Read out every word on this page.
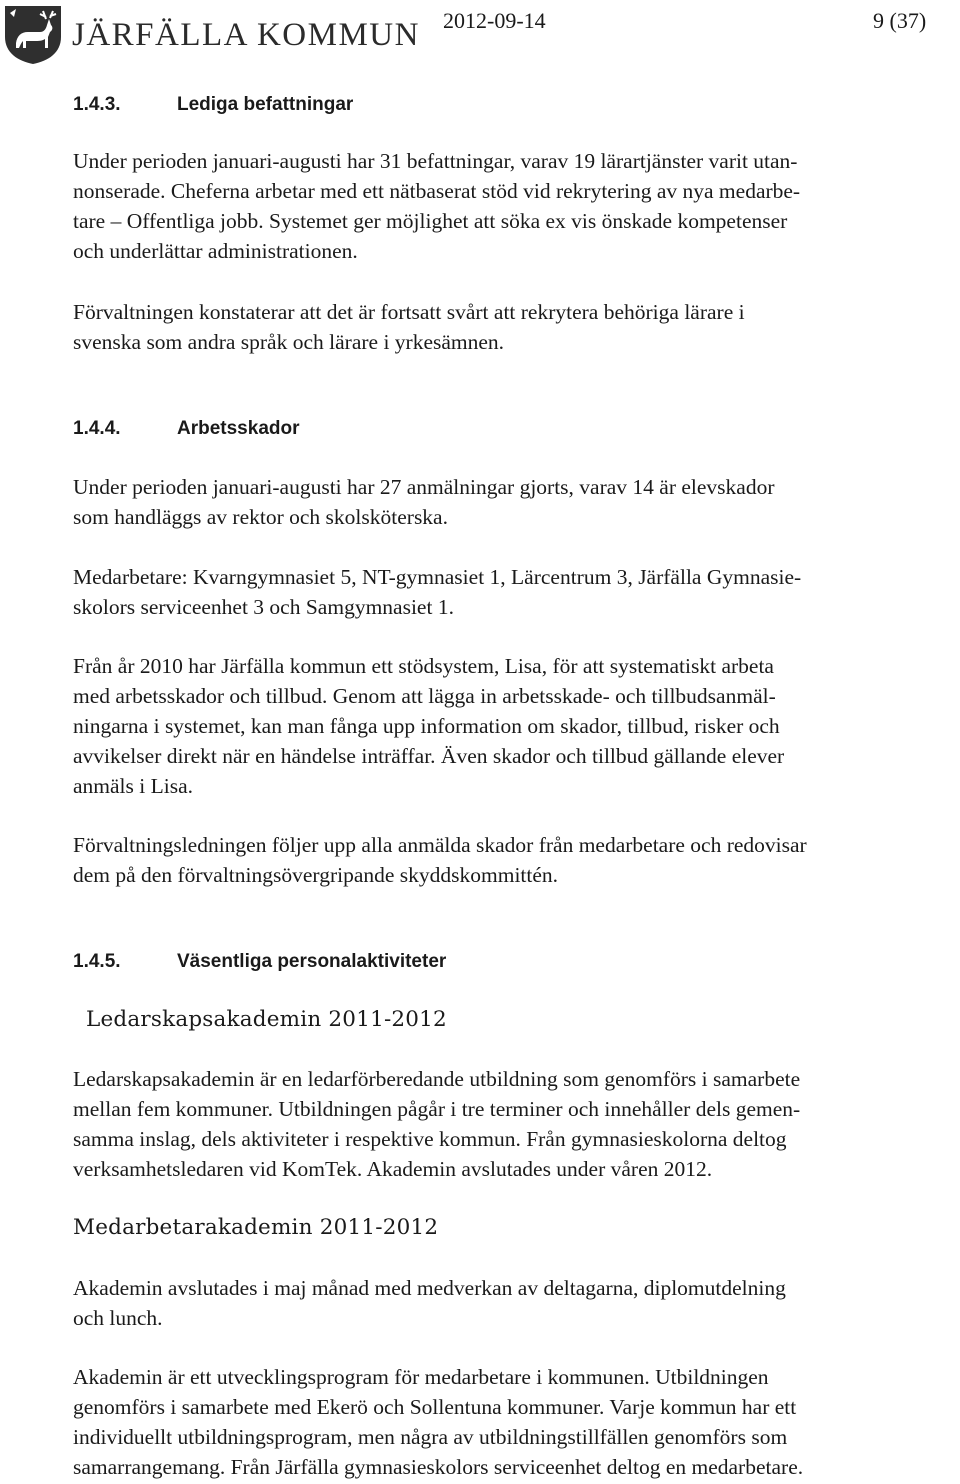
JÄRFÄLLA KOMMUN 2012-09-14	9 (37)
1.4.3.	Lediga befattningar
Under perioden januari-augusti har 31 befattningar, varav 19 lärartjänster varit utan-
nonserade. Cheferna arbetar med ett nätbaserat stöd vid rekrytering av nya medarbe-
tare – Offentliga jobb. Systemet ger möjlighet att söka ex vis önskade kompetenser
och underlättar administrationen.
Förvaltningen konstaterar att det är fortsatt svårt att rekrytera behöriga lärare i
svenska som andra språk och lärare i yrkesämnen.
1.4.4.	Arbetsskador
Under perioden januari-augusti har 27 anmälningar gjorts, varav 14 är elevskador
som handläggs av rektor och skolsköterska.
Medarbetare: Kvarngymnasiet 5, NT-gymnasiet 1, Lärcentrum 3, Järfälla Gymnasie-
skolors serviceenhet 3 och Samgymnasiet 1.
Från år 2010 har Järfälla kommun ett stödsystem, Lisa, för att systematiskt arbeta
med arbetsskador och tillbud. Genom att lägga in arbetsskade- och tillbudsanmäl-
ningarna i systemet, kan man fånga upp information om skador, tillbud, risker och
avvikelser direkt när en händelse inträffar. Även skador och tillbud gällande elever
anmäls i Lisa.
Förvaltningsledningen följer upp alla anmälda skador från medarbetare och redovisar
dem på den förvaltningsövergripande skyddskommittén.
1.4.5.	Väsentliga personalaktiviteter
Ledarskapsakademin 2011-2012
Ledarskapsakademin är en ledarförberedande utbildning som genomförs i samarbete
mellan fem kommuner. Utbildningen pågår i tre terminer och innehåller dels gemen-
samma inslag, dels aktiviteter i respektive kommun. Från gymnasieskolorna deltog
verksamhetsledaren vid KomTek. Akademin avslutades under våren 2012.
Medarbetarakademin 2011-2012
Akademin avslutades i maj månad med medverkan av deltagarna, diplomutdelning
och lunch.
Akademin är ett utvecklingsprogram för medarbetare i kommunen. Utbildningen
genomförs i samarbete med Ekerö och Sollentuna kommuner. Varje kommun har ett
individuellt utbildningsprogram, men några av utbildningstillfällen genomförs som
samarrangemang. Från Järfälla gymnasieskolors serviceenhet deltog en medarbetare.
